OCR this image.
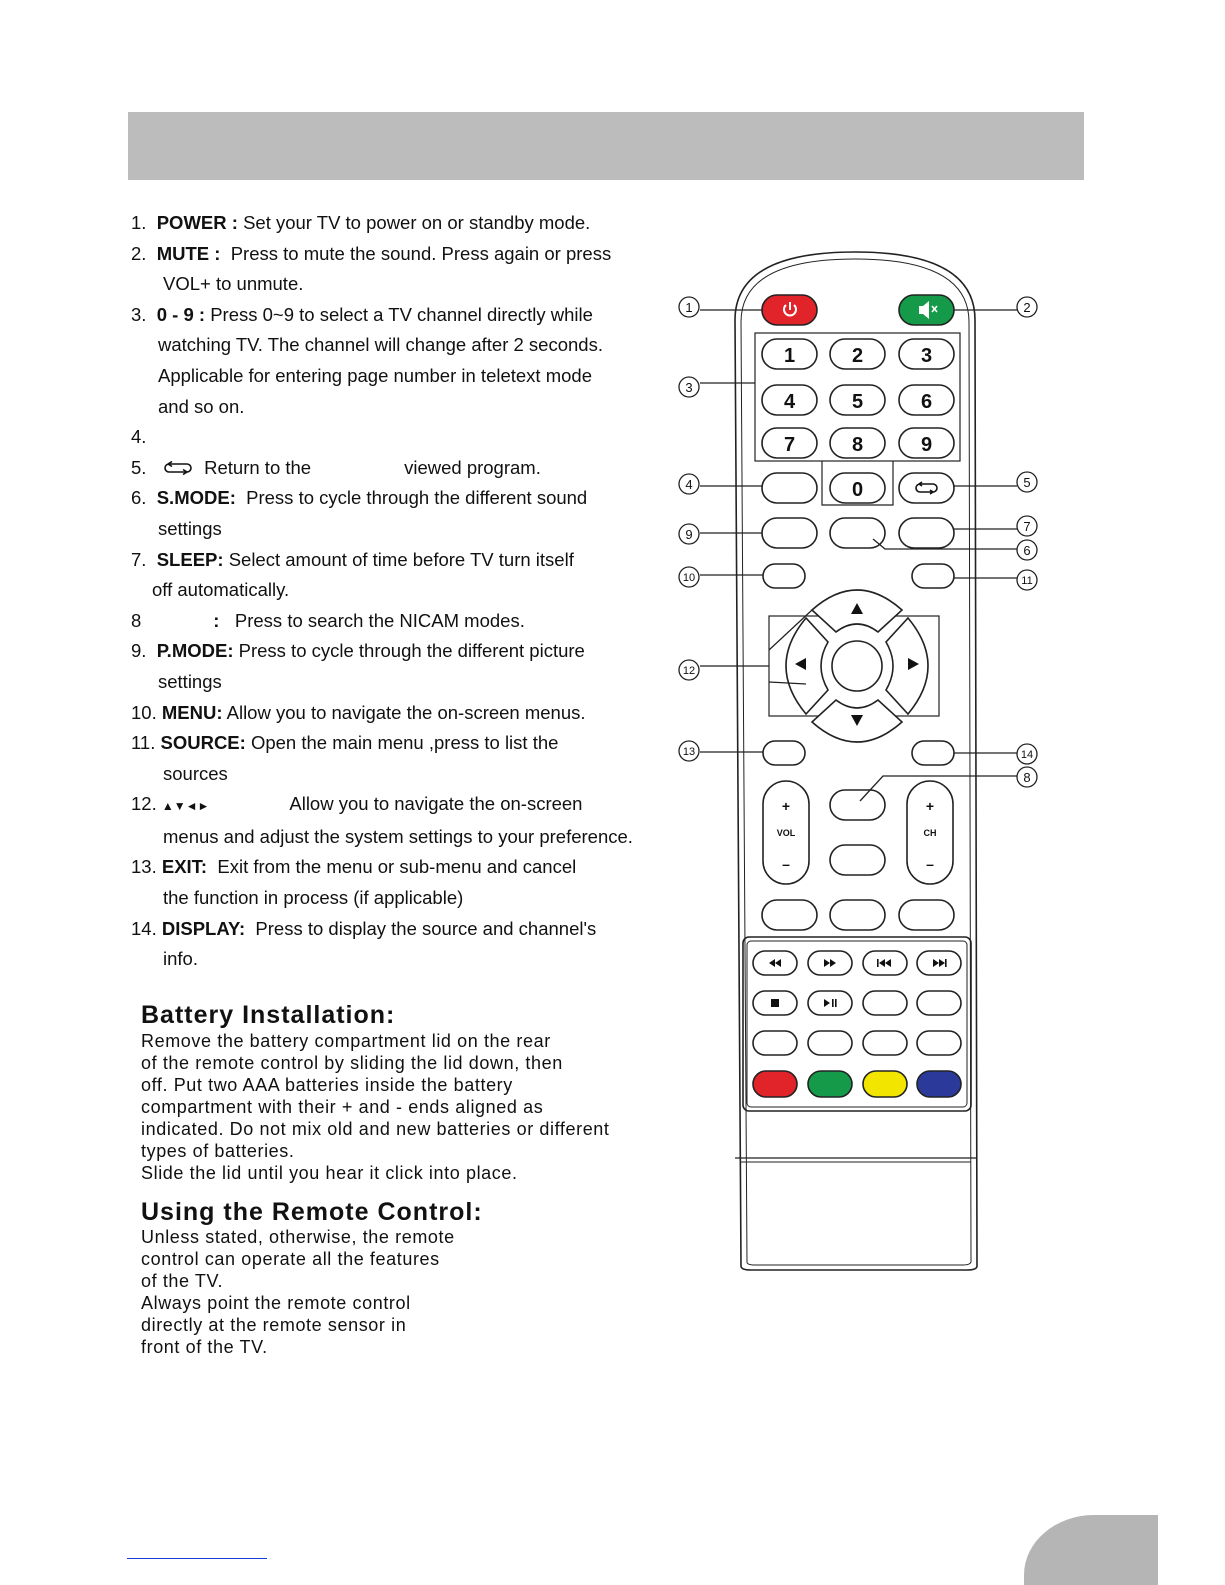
1. POWER : Set your TV to power on or standby mode.
2. MUTE : Press to mute the sound. Press again or press
VOL+ to unmute.
3. 0 - 9 : Press 0~9 to select a TV channel directly while
watching TV. The channel will change after 2 seconds.
Applicable for entering page number in teletext mode
and so on.
4.
5.	Return to the	viewed program.
6. S.MODE: Press to cycle through the different sound
settings
7. SLEEP: Select amount of time before TV turn itself
off automatically.
8	: Press to search the NICAM modes.
9. P.MODE: Press to cycle through the different picture
settings
10. MENU: Allow you to navigate the on-screen menus.
11. SOURCE: Open the main menu ,press to list the
sources
12. ▲▼◄►	Allow you to navigate the on-screen
menus and adjust the system settings to your preference.
13. EXIT: Exit from the menu or sub-menu and cancel
the function in process (if applicable)
14. DISPLAY: Press to display the source and channel's
info.
Battery Installation:
Remove the battery compartment lid on the rear
of the remote control by sliding the lid down, then
off. Put two AAA batteries inside the battery
compartment with their + and - ends aligned as
indicated. Do not mix old and new batteries or different
types of batteries.
Slide the lid until you hear it click into place.
Using the Remote Control:
Unless stated, otherwise, the remote
control can operate all the features
of the TV.
Always point the remote control
directly at the remote sensor in
front of the TV.
1	2	3
4	5	6
7	8	9
0
+
VOL
–
+
CH
–
1	2
3
4	5
9
7
6
10	11
12
13	14
8
